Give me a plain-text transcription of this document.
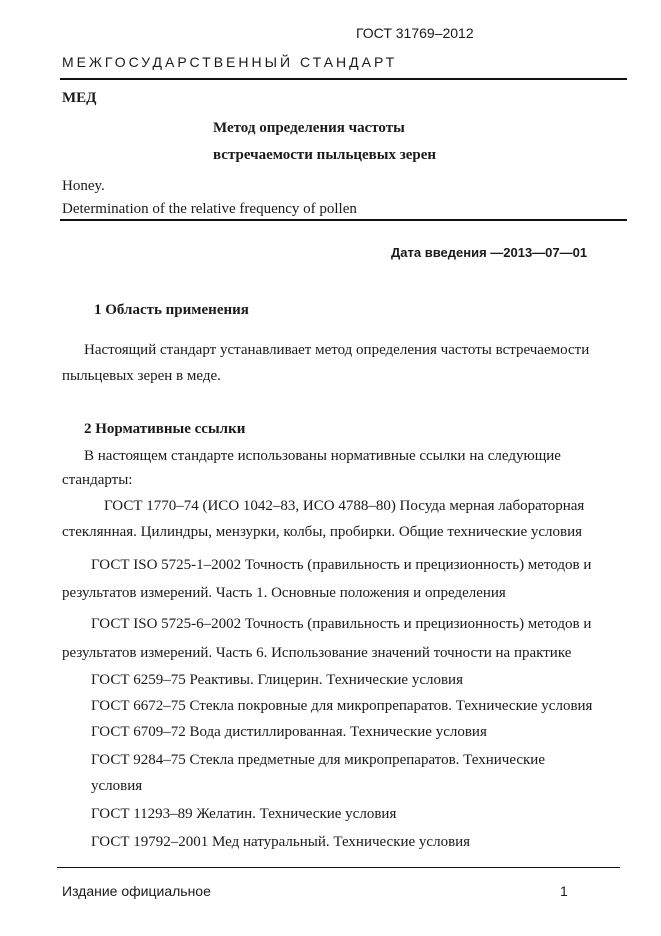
ГОСТ 31769–2012
МЕЖГОСУДАРСТВЕННЫЙ СТАНДАРТ
МЕД
Метод определения частоты
встречаемости пыльцевых зерен
Honey.
Determination of the relative frequency of pollen
Дата введения —2013—07—01
1 Область применения
Настоящий стандарт устанавливает метод определения частоты встречаемости
пыльцевых зерен в меде.
2 Нормативные ссылки
В настоящем стандарте использованы нормативные ссылки на следующие
стандарты:
ГОСТ 1770–74 (ИСО 1042–83, ИСО 4788–80) Посуда мерная лабораторная
стеклянная. Цилиндры, мензурки, колбы, пробирки. Общие технические условия
ГОСТ ISO 5725-1–2002 Точность (правильность и прецизионность) методов и
результатов измерений. Часть 1. Основные положения и определения
ГОСТ ISO 5725-6–2002 Точность (правильность и прецизионность) методов и
результатов измерений. Часть 6. Использование значений точности на практике
ГОСТ 6259–75 Реактивы. Глицерин. Технические условия
ГОСТ 6672–75 Стекла покровные для микропрепаратов. Технические условия
ГОСТ 6709–72 Вода дистиллированная. Технические условия
ГОСТ 9284–75 Стекла предметные для микропрепаратов. Технические
условия
ГОСТ 11293–89 Желатин. Технические условия
ГОСТ 19792–2001 Мед натуральный. Технические условия
Издание официальное	1
